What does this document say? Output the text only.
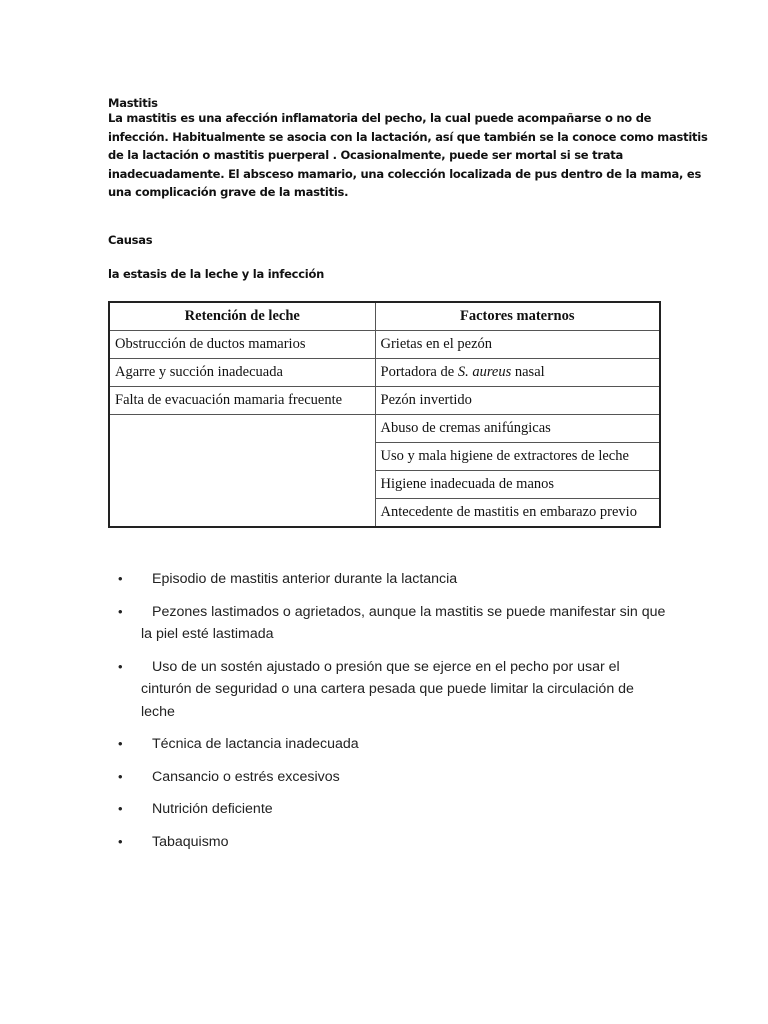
Mastitis

La mastitis es una afección inflamatoria del pecho, la cual puede acompañarse o no de infección. Habitualmente se asocia con la lactación, así que también se la conoce como mastitis de la lactación o mastitis puerperal . Ocasionalmente, puede ser mortal si se trata inadecuadamente. El absceso mamario, una colección localizada de pus dentro de la mama, es una complicación grave de la mastitis.

Causas

la estasis de la leche y la infección

Retención de leche	Factores maternos
Obstrucción de ductos mamarios	Grietas en el pezón
Agarre y succión inadecuada	Portadora de S. aureus nasal
Falta de evacuación mamaria frecuente	Pezón invertido
	Abuso de cremas anifúngicas
	Uso y mala higiene de extractores de leche
	Higiene inadecuada de manos
	Antecedente de mastitis en embarazo previo
• Episodio de mastitis anterior durante la lactancia
• Pezones lastimados o agrietados, aunque la mastitis se puede manifestar sin que la piel esté lastimada
• Uso de un sostén ajustado o presión que se ejerce en el pecho por usar el cinturón de seguridad o una cartera pesada que puede limitar la circulación de leche
• Técnica de lactancia inadecuada
• Cansancio o estrés excesivos
• Nutrición deficiente
• Tabaquismo
